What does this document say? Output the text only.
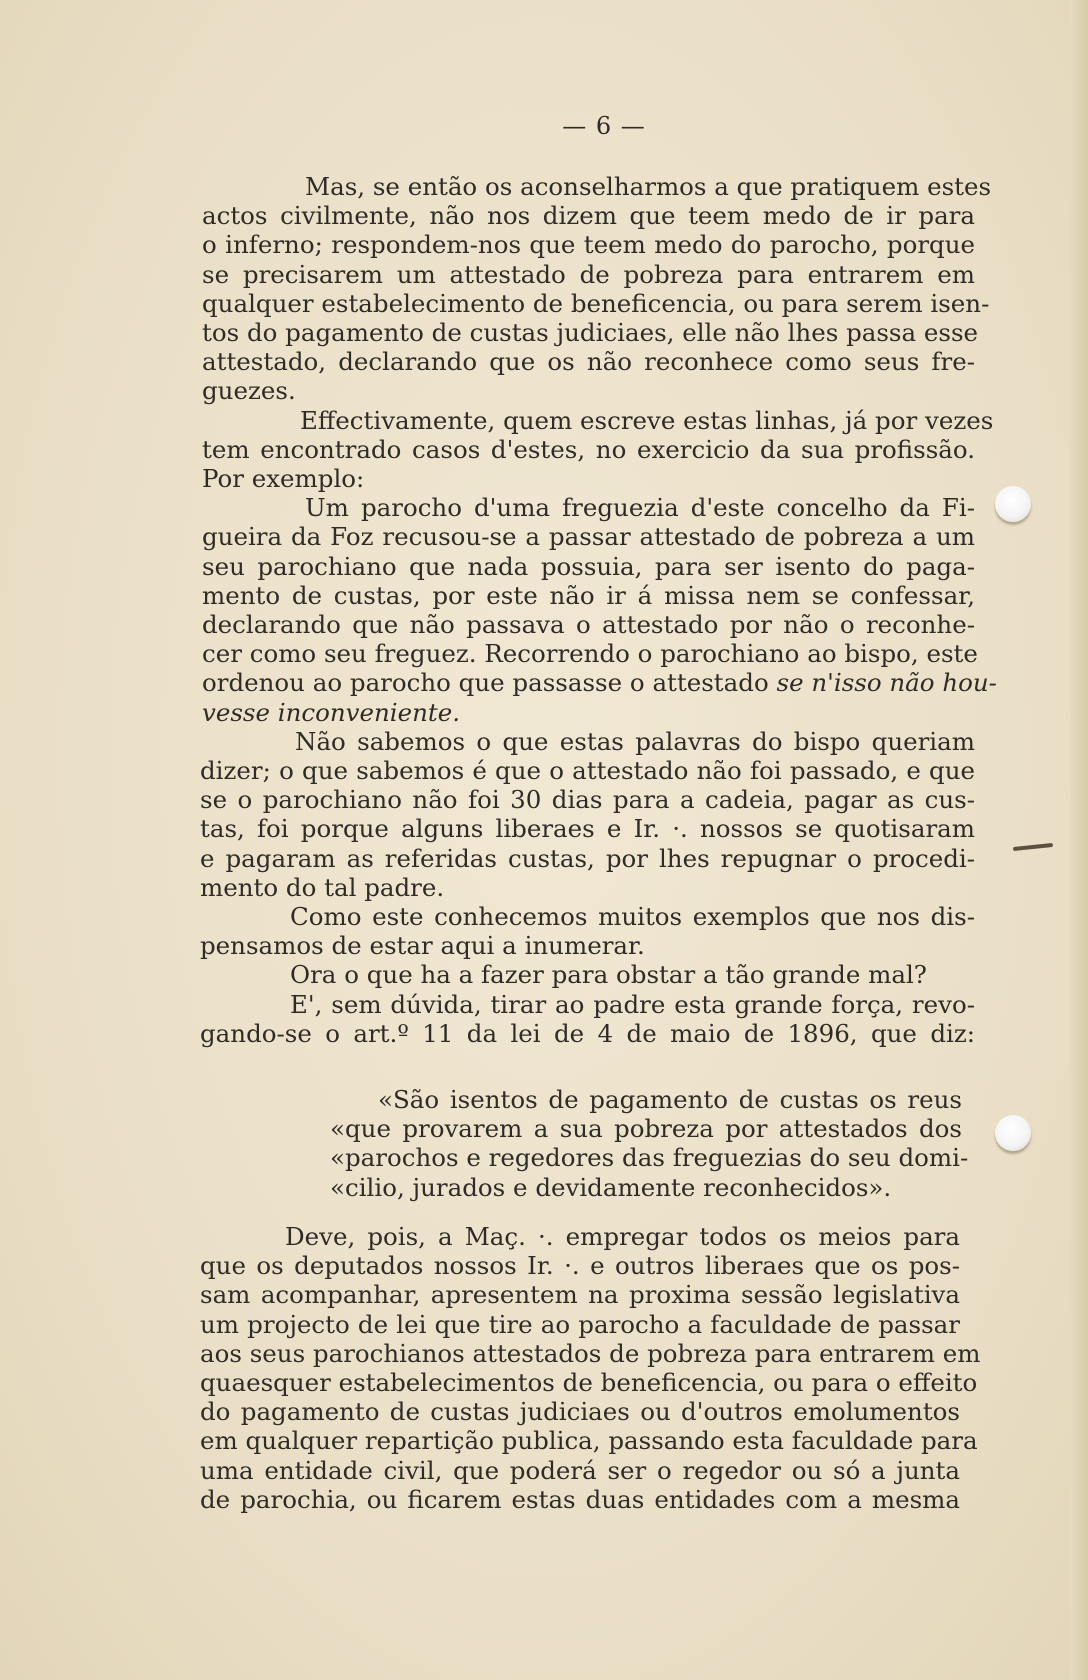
— 6 —
Mas, se então os aconselharmos a que pratiquem estes
actos civilmente, não nos dizem que teem medo de ir para
o inferno; respondem-nos que teem medo do parocho, porque
se precisarem um attestado de pobreza para entrarem em
qualquer estabelecimento de beneficencia, ou para serem isen-
tos do pagamento de custas judiciaes, elle não lhes passa esse
attestado, declarando que os não reconhece como seus fre-
guezes.
Effectivamente, quem escreve estas linhas, já por vezes
tem encontrado casos d'estes, no exercicio da sua profissão.
Por exemplo:
Um parocho d'uma freguezia d'este concelho da Fi-
gueira da Foz recusou-se a passar attestado de pobreza a um
seu parochiano que nada possuia, para ser isento do paga-
mento de custas, por este não ir á missa nem se confessar,
declarando que não passava o attestado por não o reconhe-
cer como seu freguez. Recorrendo o parochiano ao bispo, este
ordenou ao parocho que passasse o attestado se n'isso não hou-
vesse inconveniente.
Não sabemos o que estas palavras do bispo queriam
dizer; o que sabemos é que o attestado não foi passado, e que
se o parochiano não foi 30 dias para a cadeia, pagar as cus-
tas, foi porque alguns liberaes e Ir. ·. nossos se quotisaram
e pagaram as referidas custas, por lhes repugnar o procedi-
mento do tal padre.
Como este conhecemos muitos exemplos que nos dis-
pensamos de estar aqui a inumerar.
Ora o que ha a fazer para obstar a tão grande mal?
E', sem dúvida, tirar ao padre esta grande força, revo-
gando-se o art.º 11 da lei de 4 de maio de 1896, que diz:
«São isentos de pagamento de custas os reus
«que provarem a sua pobreza por attestados dos
«parochos e regedores das freguezias do seu domi-
«cilio, jurados e devidamente reconhecidos».
Deve, pois, a Maç. ·. empregar todos os meios para
que os deputados nossos Ir. ·. e outros liberaes que os pos-
sam acompanhar, apresentem na proxima sessão legislativa
um projecto de lei que tire ao parocho a faculdade de passar
aos seus parochianos attestados de pobreza para entrarem em
quaesquer estabelecimentos de beneficencia, ou para o effeito
do pagamento de custas judiciaes ou d'outros emolumentos
em qualquer repartição publica, passando esta faculdade para
uma entidade civil, que poderá ser o regedor ou só a junta
de parochia, ou ficarem estas duas entidades com a mesma
